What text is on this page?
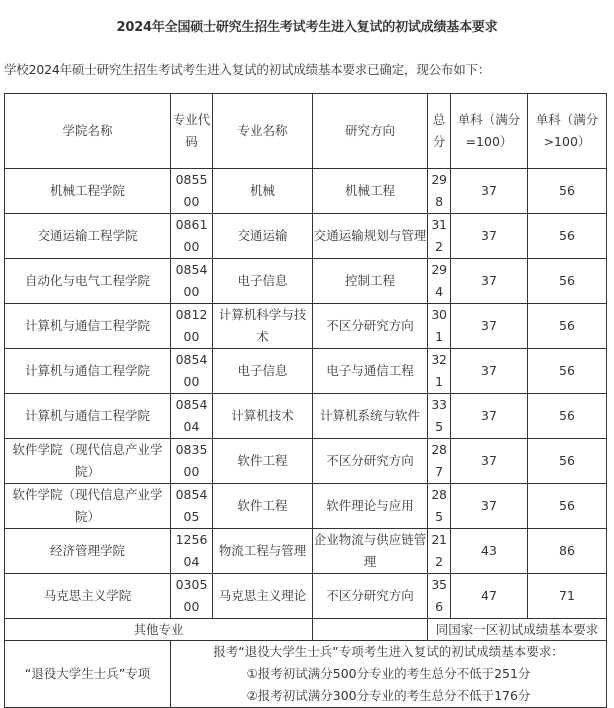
2024年全国硕士研究生招生考试考生进入复试的初试成绩基本要求
学校2024年硕士研究生招生考试考生进入复试的初试成绩基本要求已确定，现公布如下：
学院名称	专业代码	专业名称	研究方向	总分	单科（满分=100）	单科（满分>100）
机械工程学院	085500	机械	机械工程	298	37	56
交通运输工程学院	086100	交通运输	交通运输规划与管理	312	37	56
自动化与电气工程学院	085400	电子信息	控制工程	294	37	56
计算机与通信工程学院	081200	计算机科学与技术	不区分研究方向	301	37	56
计算机与通信工程学院	085400	电子信息	电子与通信工程	321	37	56
计算机与通信工程学院	085404	计算机技术	计算机系统与软件	335	37	56
软件学院（现代信息产业学院）	083500	软件工程	不区分研究方向	287	37	56
软件学院（现代信息产业学院）	085405	软件工程	软件理论与应用	285	37	56
经济管理学院	125604	物流工程与管理	企业物流与供应链管理	212	43	86
马克思主义学院	030500	马克思主义理论	不区分研究方向	356	47	71
其他专业				同国家一区初试成绩基本要求		
“退役大学生士兵”专项	报考“退役大学生士兵”专项考生进入复试的初试成绩基本要求：
①报考初试满分500分专业的考生总分不低于251分
②报考初试满分300分专业的考生总分不低于176分					
